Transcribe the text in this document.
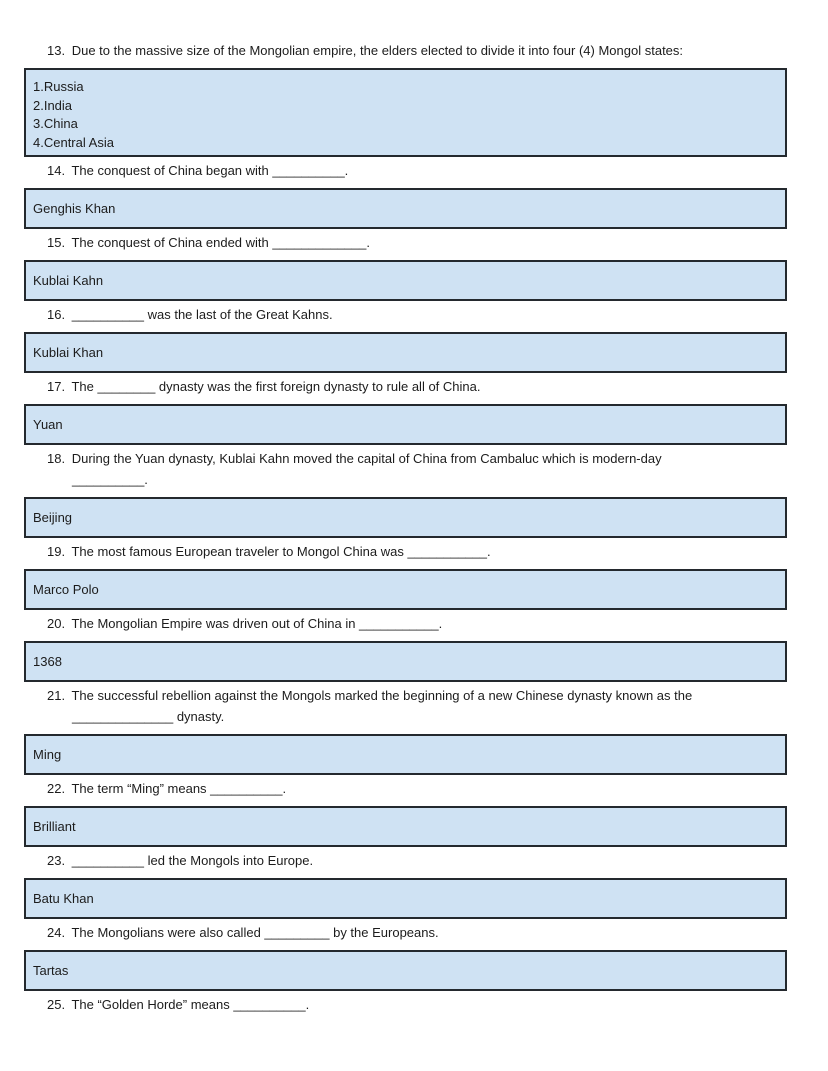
13. Due to the massive size of the Mongolian empire, the elders elected to divide it into four (4) Mongol states:
1.Russia
2.India
3.China
4.Central Asia
14. The conquest of China began with __________.
Genghis Khan
15. The conquest of China ended with _____________.
Kublai Kahn
16. __________ was the last of the Great Kahns.
Kublai Khan
17. The ________ dynasty was the first foreign dynasty to rule all of China.
Yuan
18. During the Yuan dynasty, Kublai Kahn moved the capital of China from Cambaluc which is modern-day
__________.
Beijing
19. The most famous European traveler to Mongol China was ___________.
Marco Polo
20. The Mongolian Empire was driven out of China in ___________.
1368
21. The successful rebellion against the Mongols marked the beginning of a new Chinese dynasty known as the
______________ dynasty.
Ming
22. The term “Ming” means __________.
Brilliant
23. __________ led the Mongols into Europe.
Batu Khan
24. The Mongolians were also called _________ by the Europeans.
Tartas
25. The “Golden Horde” means __________.
